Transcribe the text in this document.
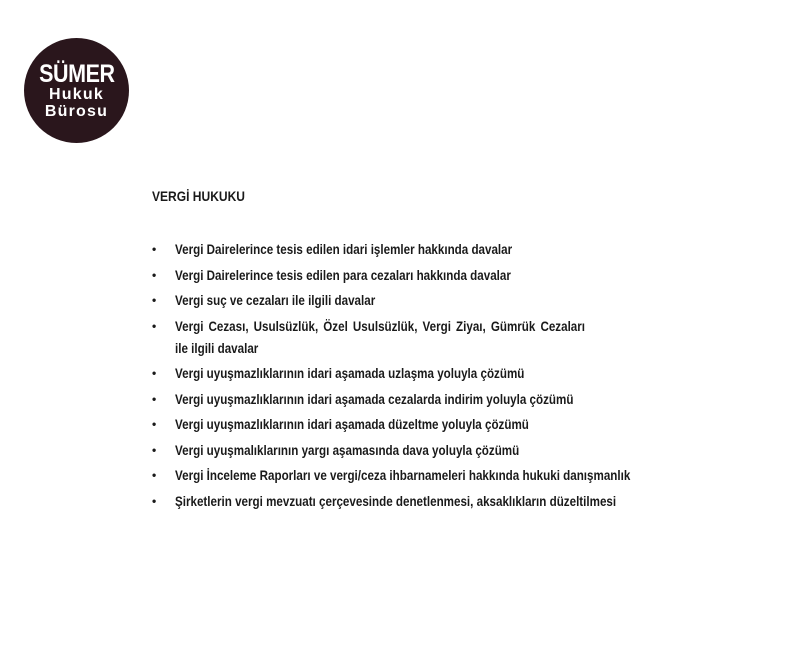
SÜMER
Hukuk
Bürosu
VERGİ HUKUKU
• Vergi Dairelerince tesis edilen idari işlemler hakkında davalar
• Vergi Dairelerince tesis edilen para cezaları hakkında davalar
• Vergi suç ve cezaları ile ilgili davalar
• Vergi Cezası, Usulsüzlük, Özel Usulsüzlük, Vergi Ziyaı, Gümrük Cezaları ile ilgili davalar
• Vergi uyuşmazlıklarının idari aşamada uzlaşma yoluyla çözümü
• Vergi uyuşmazlıklarının idari aşamada cezalarda indirim yoluyla çözümü
• Vergi uyuşmazlıklarının idari aşamada düzeltme yoluyla çözümü
• Vergi uyuşmalıklarının yargı aşamasında dava yoluyla çözümü
• Vergi İnceleme Raporları ve vergi/ceza ihbarnameleri hakkında hukuki danışmanlık
• Şirketlerin vergi mevzuatı çerçevesinde denetlenmesi, aksaklıkların düzeltilmesi
